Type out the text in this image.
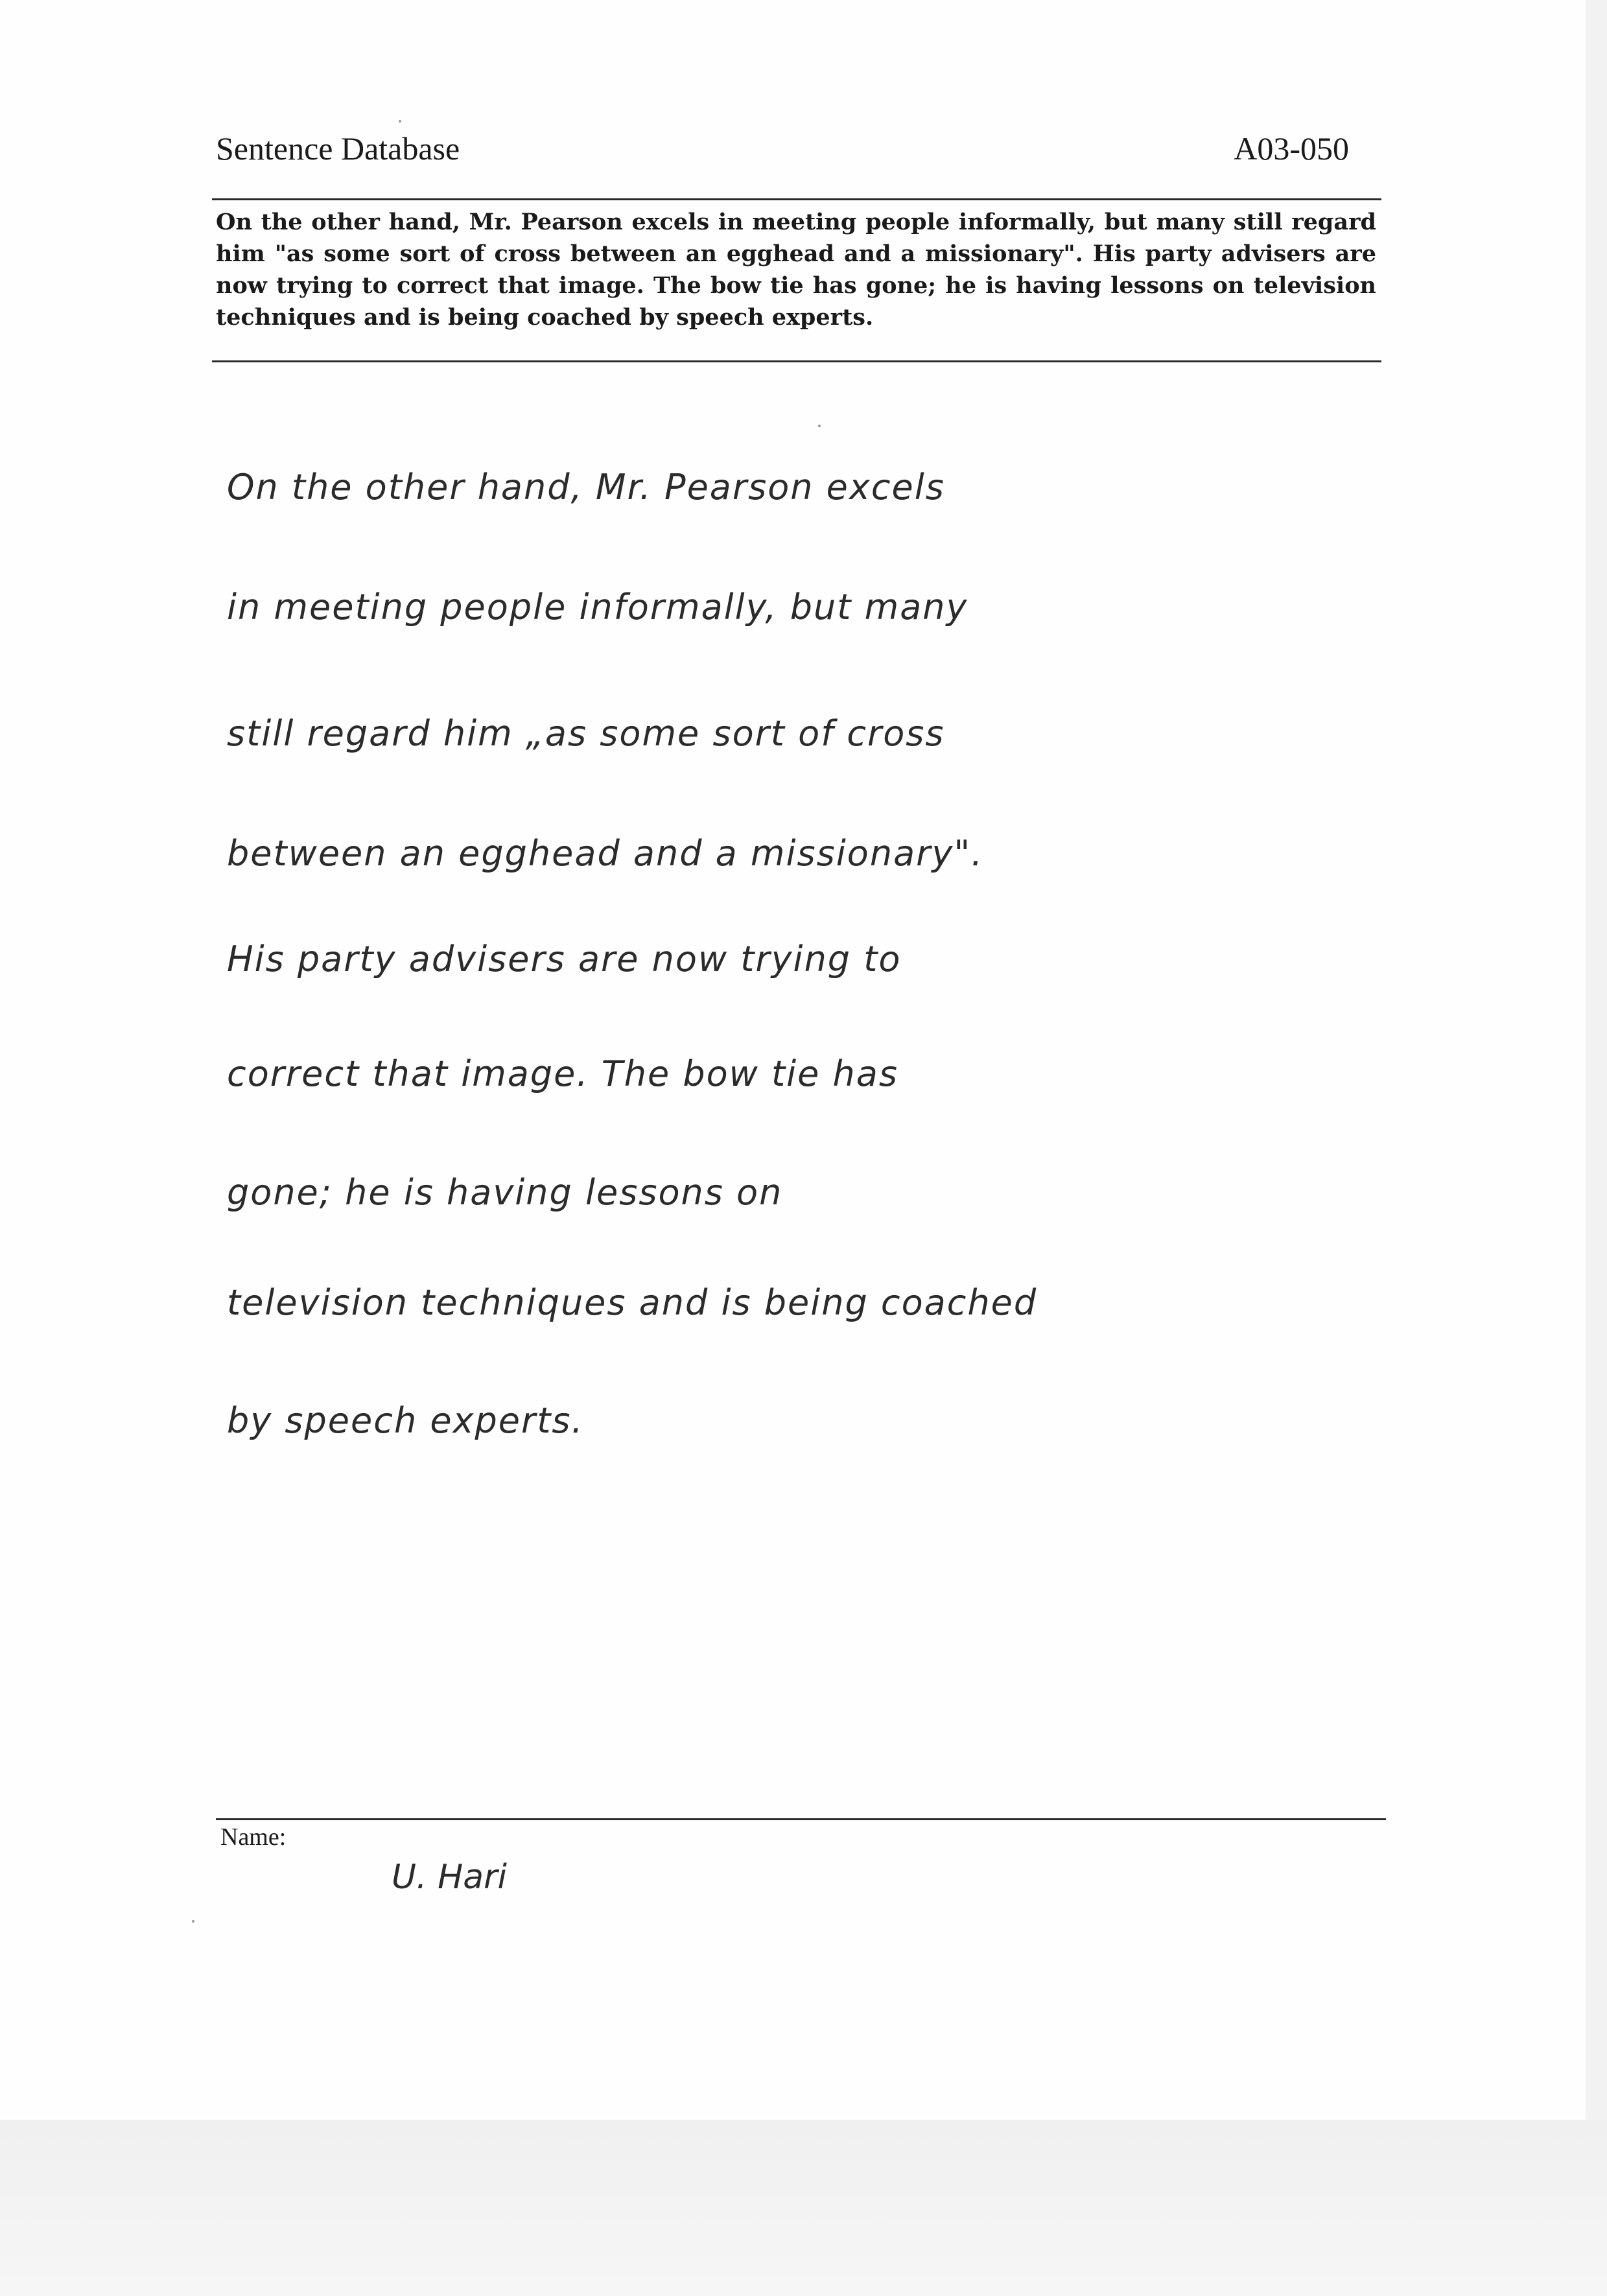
Sentence Database	A03-050
On the other hand, Mr. Pearson excels in meeting people informally, but many still regard him "as some sort of cross between an egghead and a missionary". His party advisers are now trying to correct that image. The bow tie has gone; he is having lessons on television techniques and is being coached by speech experts.
On the other hand, Mr. Pearson excels
in meeting people informally, but many
still regard him „as some sort of cross
between an egghead and a missionary".
His party advisers are now trying to
correct that image. The bow tie has
gone; he is having lessons on
television techniques and is being coached
by speech experts.
Name:
U. Hari
